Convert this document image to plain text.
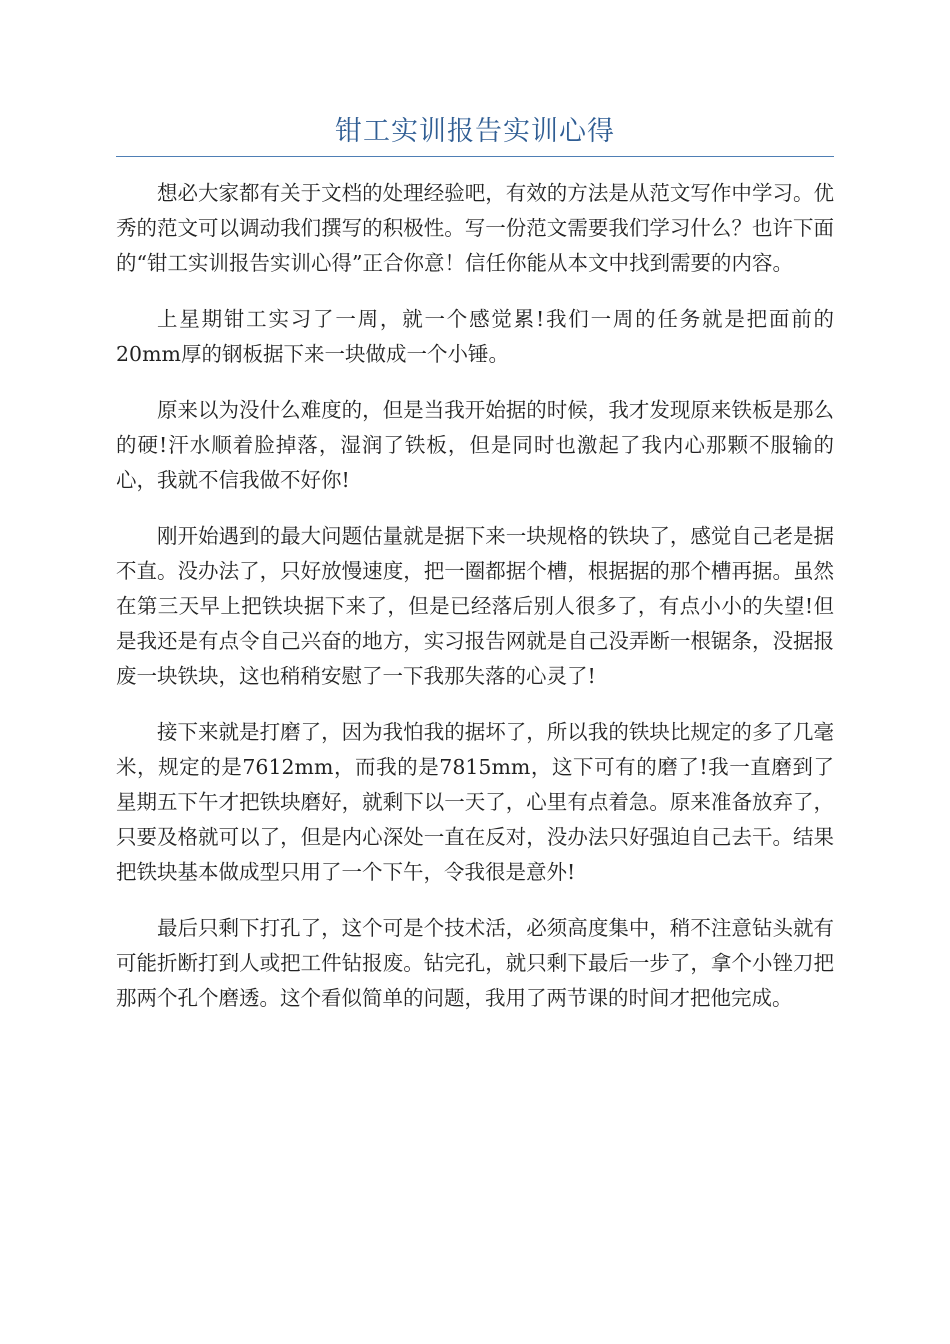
钳工实训报告实训心得

想必大家都有关于文档的处理经验吧，有效的方法是从范文写作中学习。优秀的范文可以调动我们撰写的积极性。写一份范文需要我们学习什么？也许下面的“钳工实训报告实训心得”正合你意！信任你能从本文中找到需要的内容。

上星期钳工实习了一周，就一个感觉累!我们一周的任务就是把面前的20mm厚的钢板据下来一块做成一个小锤。

原来以为没什么难度的，但是当我开始据的时候，我才发现原来铁板是那么的硬!汗水顺着脸掉落，湿润了铁板，但是同时也激起了我内心那颗不服输的心，我就不信我做不好你!

刚开始遇到的最大问题估量就是据下来一块规格的铁块了，感觉自己老是据不直。没办法了，只好放慢速度，把一圈都据个槽，根据据的那个槽再据。虽然在第三天早上把铁块据下来了，但是已经落后别人很多了，有点小小的失望!但是我还是有点令自己兴奋的地方，实习报告网就是自己没弄断一根锯条，没据报废一块铁块，这也稍稍安慰了一下我那失落的心灵了!

接下来就是打磨了，因为我怕我的据坏了，所以我的铁块比规定的多了几毫米，规定的是7612mm，而我的是7815mm，这下可有的磨了!我一直磨到了星期五下午才把铁块磨好，就剩下以一天了，心里有点着急。原来准备放弃了，只要及格就可以了，但是内心深处一直在反对，没办法只好强迫自己去干。结果把铁块基本做成型只用了一个下午，令我很是意外!

最后只剩下打孔了，这个可是个技术活，必须高度集中，稍不注意钻头就有可能折断打到人或把工件钻报废。钻完孔，就只剩下最后一步了，拿个小锉刀把那两个孔个磨透。这个看似简单的问题，我用了两节课的时间才把他完成。
